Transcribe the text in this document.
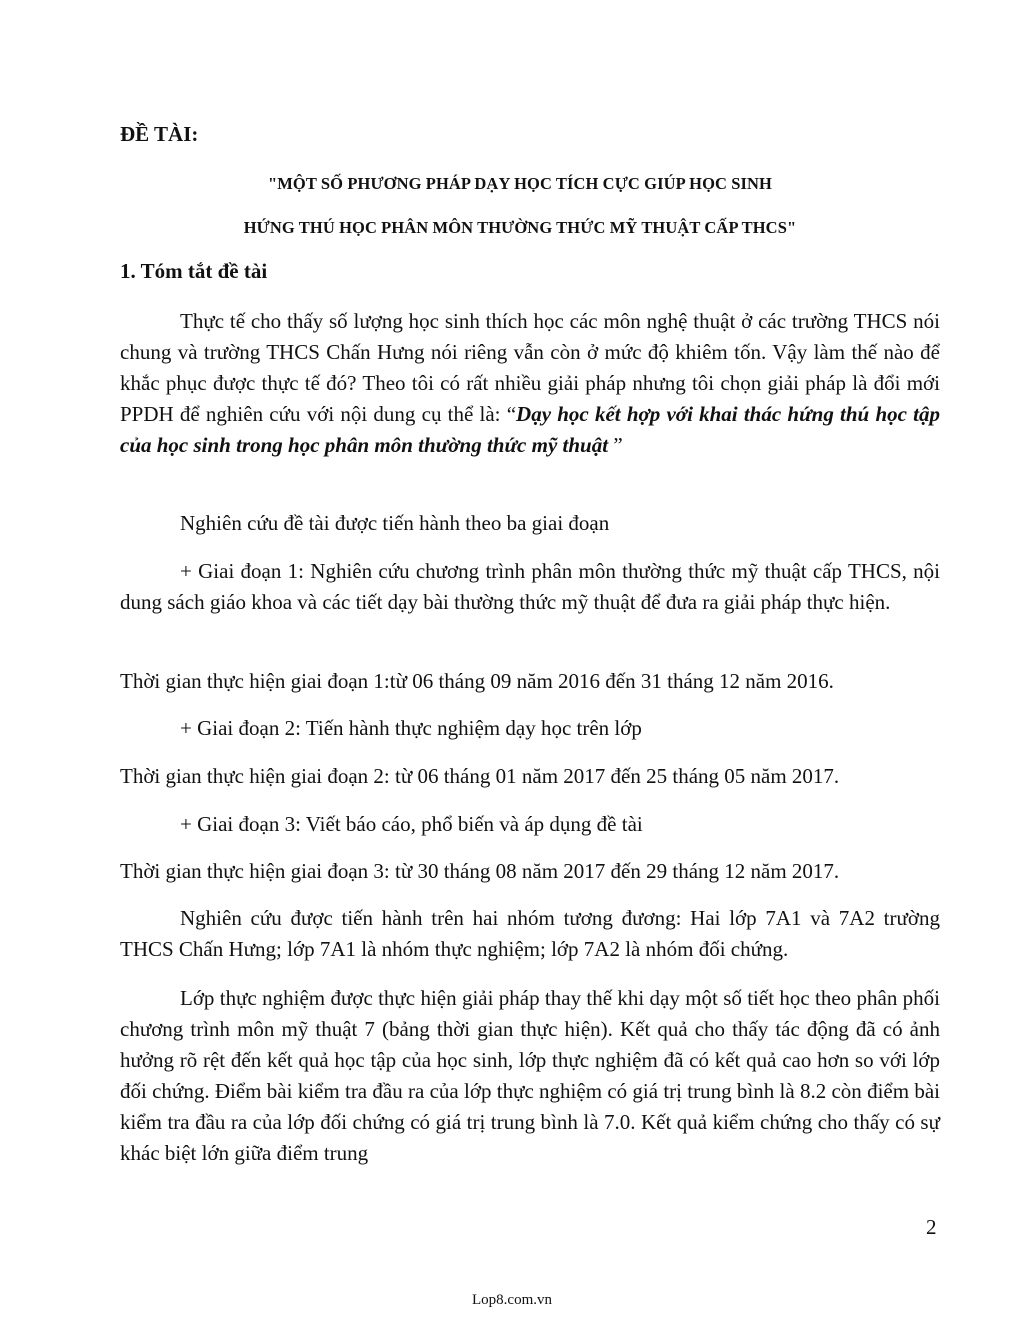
ĐỀ TÀI:
"MỘT SỐ PHƯƠNG PHÁP DẠY HỌC TÍCH CỰC GIÚP HỌC SINH
HỨNG THÚ HỌC PHÂN MÔN THƯỜNG THỨC MỸ THUẬT CẤP THCS"
1. Tóm tắt đề tài

Thực tế cho thấy số lượng học sinh thích học các môn nghệ thuật ở các trường THCS nói chung và trường THCS Chấn Hưng nói riêng vẫn còn ở mức độ khiêm tốn. Vậy làm thế nào để khắc phục được thực tế đó? Theo tôi có rất nhiều giải pháp nhưng tôi chọn giải pháp là đổi mới PPDH để nghiên cứu với nội dung cụ thể là: “Dạy học kết hợp với khai thác hứng thú học tập của học sinh trong học phân môn thường thức mỹ thuật ”

Nghiên cứu đề tài được tiến hành theo ba giai đoạn

+ Giai đoạn 1: Nghiên cứu chương trình phân môn thường thức mỹ thuật cấp THCS, nội dung sách giáo khoa và các tiết dạy bài thường thức mỹ thuật để đưa ra giải pháp thực hiện.

Thời gian thực hiện giai đoạn 1:từ 06 tháng 09 năm 2016 đến 31 tháng 12 năm 2016.

+ Giai đoạn 2: Tiến hành thực nghiệm dạy học trên lớp

Thời gian thực hiện giai đoạn 2: từ 06 tháng 01 năm 2017 đến 25 tháng 05 năm 2017.

+ Giai đoạn 3: Viết báo cáo, phổ biến và áp dụng đề tài

Thời gian thực hiện giai đoạn 3: từ 30 tháng 08 năm 2017 đến 29 tháng 12 năm 2017.

Nghiên cứu được tiến hành trên hai nhóm tương đương: Hai lớp 7A1 và 7A2 trường THCS Chấn Hưng; lớp 7A1 là nhóm thực nghiệm; lớp 7A2 là nhóm đối chứng.

Lớp thực nghiệm được thực hiện giải pháp thay thế khi dạy một số tiết học theo phân phối chương trình môn mỹ thuật 7 (bảng thời gian thực hiện). Kết quả cho thấy tác động đã có ảnh hưởng rõ rệt đến kết quả học tập của học sinh, lớp thực nghiệm đã có kết quả cao hơn so với lớp đối chứng. Điểm bài kiểm tra đầu ra của lớp thực nghiệm có giá trị trung bình là 8.2 còn điểm bài kiểm tra đầu ra của lớp đối chứng có giá trị trung bình là 7.0. Kết quả kiểm chứng cho thấy có sự khác biệt lớn giữa điểm trung

2
Lop8.com.vn
